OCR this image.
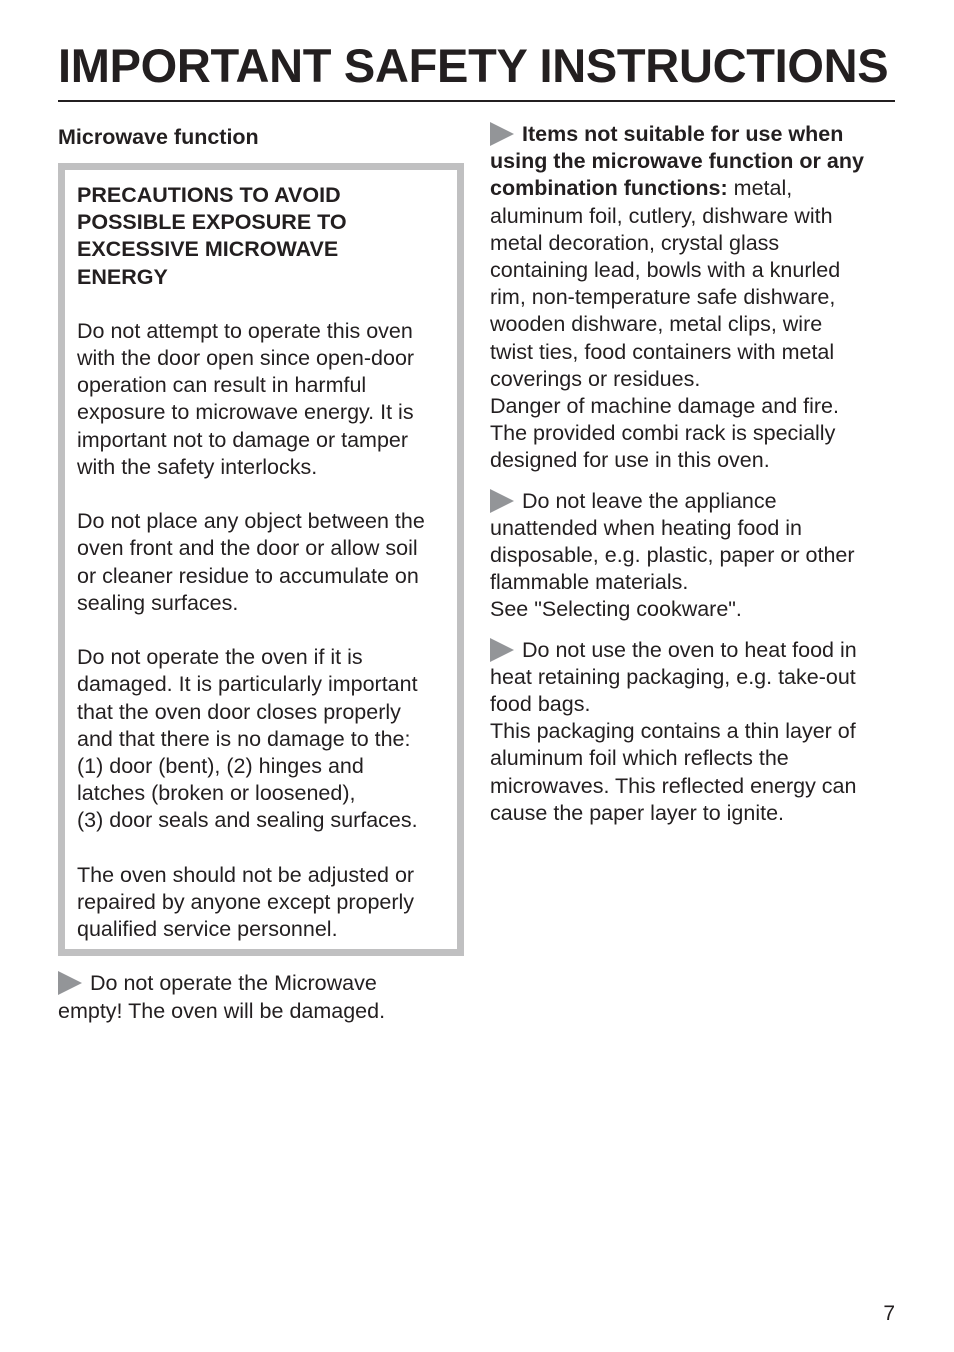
IMPORTANT SAFETY INSTRUCTIONS
Microwave function
PRECAUTIONS TO AVOID
POSSIBLE EXPOSURE TO
EXCESSIVE MICROWAVE
ENERGY

Do not attempt to operate this oven
with the door open since open-door
operation can result in harmful
exposure to microwave energy. It is
important not to damage or tamper
with the safety interlocks.

Do not place any object between the
oven front and the door or allow soil
or cleaner residue to accumulate on
sealing surfaces.

Do not operate the oven if it is
damaged. It is particularly important
that the oven door closes properly
and that there is no damage to the:
(1) door (bent), (2) hinges and
latches (broken or loosened),
(3) door seals and sealing surfaces.

The oven should not be adjusted or
repaired by anyone except properly
qualified service personnel.

Do not operate the Microwave
empty! The oven will be damaged.

Items not suitable for use when
using the microwave function or any
combination functions: metal,
aluminum foil, cutlery, dishware with
metal decoration, crystal glass
containing lead, bowls with a knurled
rim, non-temperature safe dishware,
wooden dishware, metal clips, wire
twist ties, food containers with metal
coverings or residues.
Danger of machine damage and fire.
The provided combi rack is specially
designed for use in this oven.

Do not leave the appliance
unattended when heating food in
disposable, e.g. plastic, paper or other
flammable materials.
See "Selecting cookware".

Do not use the oven to heat food in
heat retaining packaging, e.g. take-out
food bags.
This packaging contains a thin layer of
aluminum foil which reflects the
microwaves. This reflected energy can
cause the paper layer to ignite.

7
